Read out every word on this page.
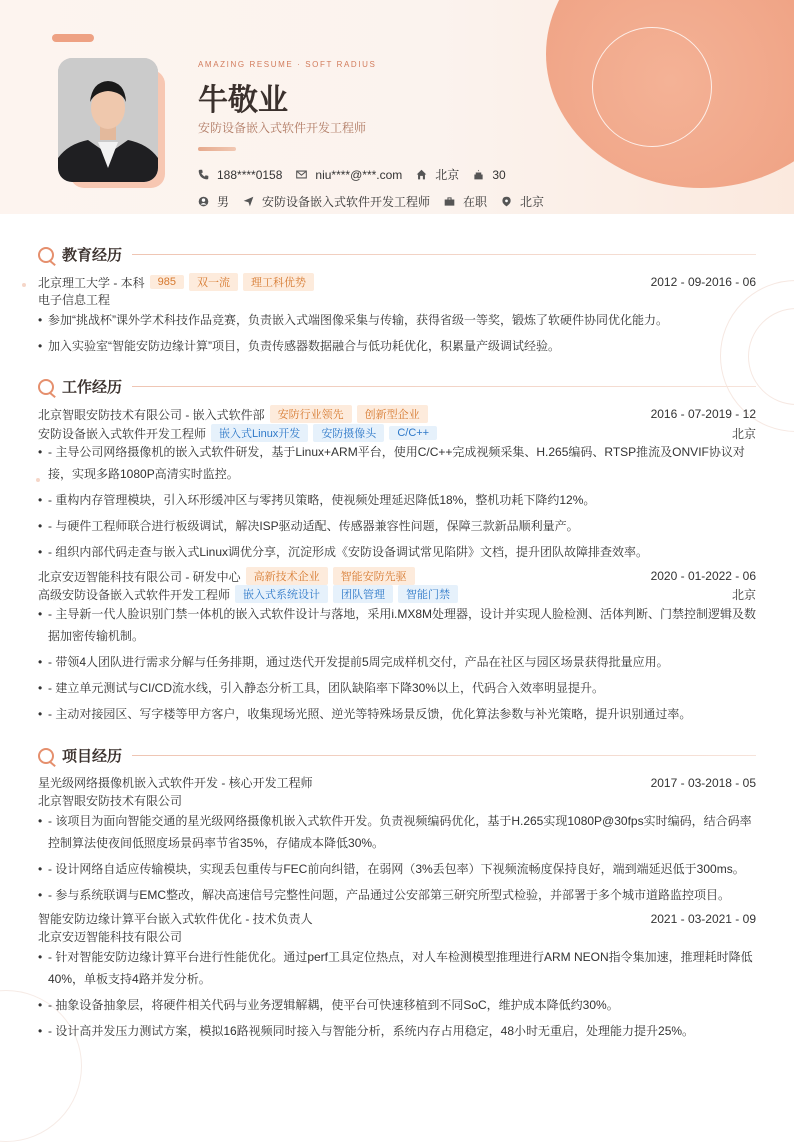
AMAZING RESUME · SOFT RADIUS
牛敬业
安防设备嵌入式软件开发工程师
188****0158	niu****@***.com	北京	30
男	安防设备嵌入式软件开发工程师	在职	北京
教育经历
北京理工大学 - 本科	985	双一流	理工科优势	2012 - 09-2016 - 06
电子信息工程
• 参加“挑战杯”课外学术科技作品竞赛，负责嵌入式端图像采集与传输，获得省级一等奖，锻炼了软硬件协同优化能力。
• 加入实验室“智能安防边缘计算”项目，负责传感器数据融合与低功耗优化，积累量产级调试经验。
工作经历
北京智眼安防技术有限公司 - 嵌入式软件部	安防行业领先	创新型企业	2016 - 07-2019 - 12
安防设备嵌入式软件开发工程师	嵌入式Linux开发	安防摄像头	C/C++	北京
• - 主导公司网络摄像机的嵌入式软件研发，基于Linux+ARM平台，使用C/C++完成视频采集、H.265编码、RTSP推流及ONVIF协议对接，实现多路1080P高清实时监控。
• - 重构内存管理模块，引入环形缓冲区与零拷贝策略，使视频处理延迟降低18%，整机功耗下降约12%。
• - 与硬件工程师联合进行板级调试，解决ISP驱动适配、传感器兼容性问题，保障三款新品顺利量产。
• - 组织内部代码走查与嵌入式Linux调优分享，沉淀形成《安防设备调试常见陷阱》文档，提升团队故障排查效率。
北京安迈智能科技有限公司 - 研发中心	高新技术企业	智能安防先驱	2020 - 01-2022 - 06
高级安防设备嵌入式软件开发工程师	嵌入式系统设计	团队管理	智能门禁	北京
• - 主导新一代人脸识别门禁一体机的嵌入式软件设计与落地，采用i.MX8M处理器，设计并实现人脸检测、活体判断、门禁控制逻辑及数据加密传输机制。
• - 带领4人团队进行需求分解与任务排期，通过迭代开发提前5周完成样机交付，产品在社区与园区场景获得批量应用。
• - 建立单元测试与CI/CD流水线，引入静态分析工具，团队缺陷率下降30%以上，代码合入效率明显提升。
• - 主动对接园区、写字楼等甲方客户，收集现场光照、逆光等特殊场景反馈，优化算法参数与补光策略，提升识别通过率。
项目经历
星光级网络摄像机嵌入式软件开发 - 核心开发工程师	2017 - 03-2018 - 05
北京智眼安防技术有限公司
• - 该项目为面向智能交通的星光级网络摄像机嵌入式软件开发。负责视频编码优化，基于H.265实现1080P@30fps实时编码，结合码率控制算法使夜间低照度场景码率节省35%，存储成本降低30%。
• - 设计网络自适应传输模块，实现丢包重传与FEC前向纠错，在弱网（3%丢包率）下视频流畅度保持良好，端到端延迟低于300ms。
• - 参与系统联调与EMC整改，解决高速信号完整性问题，产品通过公安部第三研究所型式检验，并部署于多个城市道路监控项目。
智能安防边缘计算平台嵌入式软件优化 - 技术负责人	2021 - 03-2021 - 09
北京安迈智能科技有限公司
• - 针对智能安防边缘计算平台进行性能优化。通过perf工具定位热点，对人车检测模型推理进行ARM NEON指令集加速，推理耗时降低40%，单板支持4路并发分析。
• - 抽象设备抽象层，将硬件相关代码与业务逻辑解耦，使平台可快速移植到不同SoC，维护成本降低约30%。
• - 设计高并发压力测试方案，模拟16路视频同时接入与智能分析，系统内存占用稳定，48小时无重启，处理能力提升25%。
